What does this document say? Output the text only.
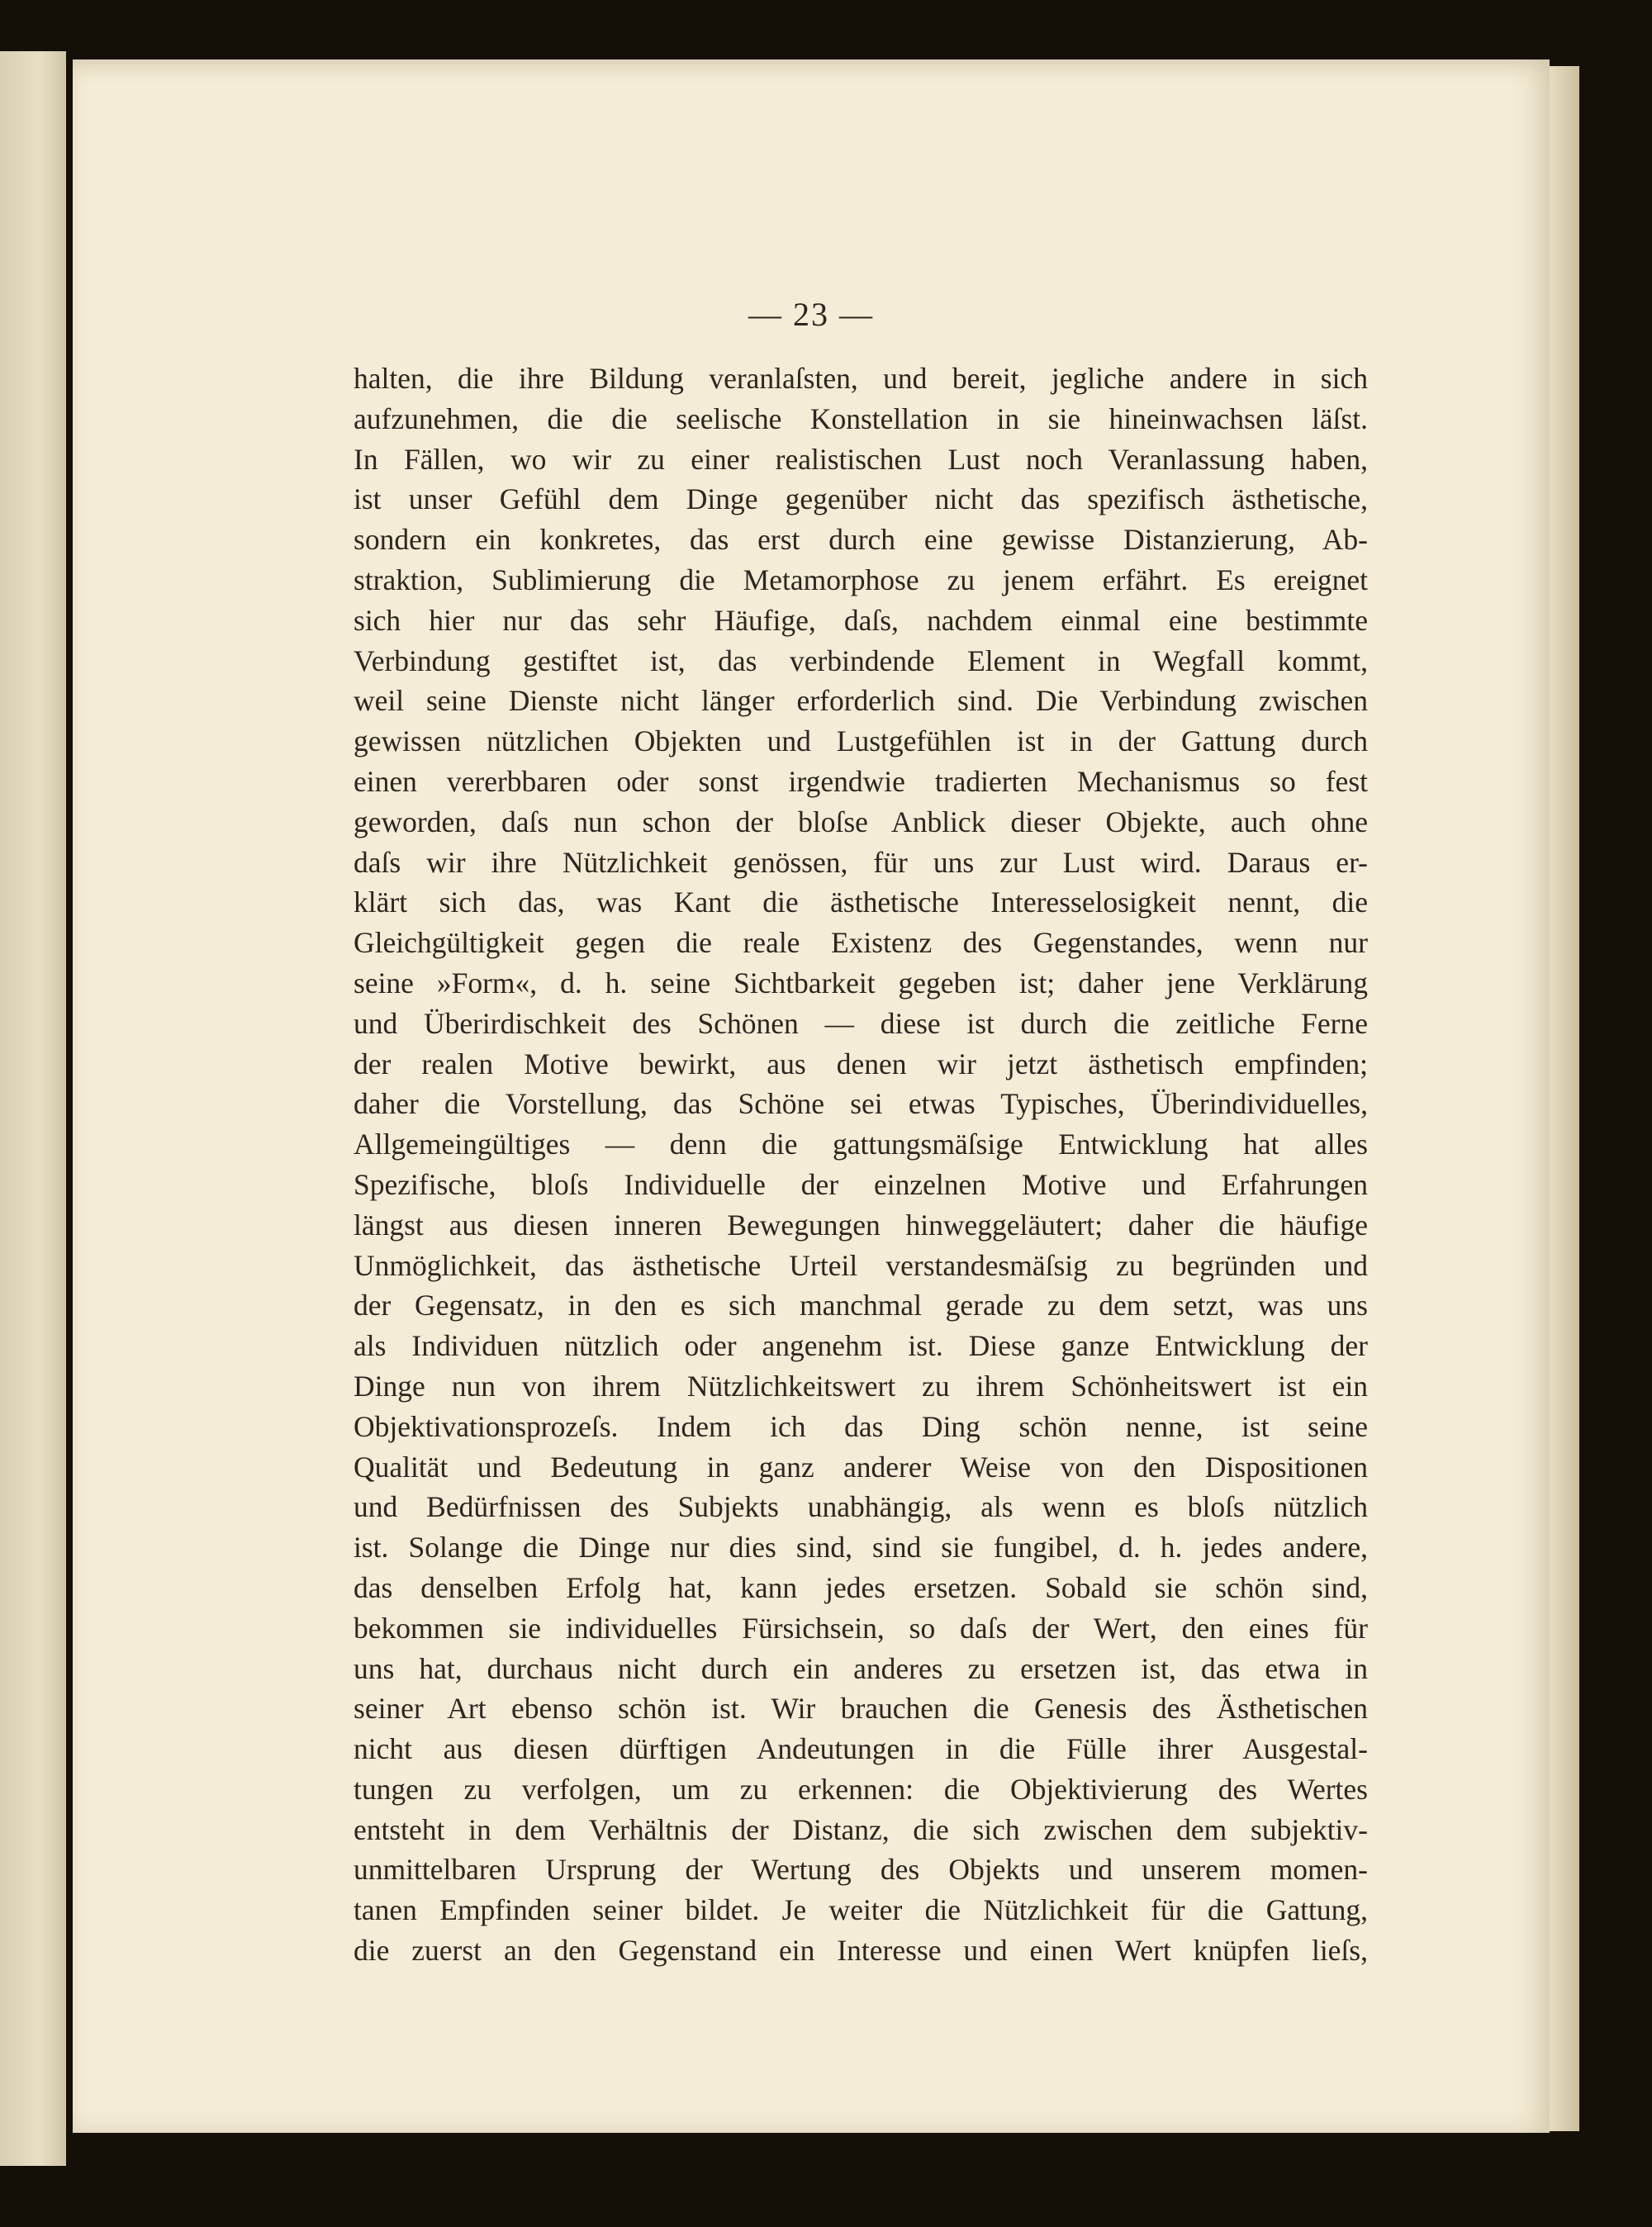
— 23 —
halten, die ihre Bildung veranlaſsten, und bereit, jegliche andere in sich
aufzunehmen, die die seelische Konstellation in sie hineinwachsen läſst.
In Fällen, wo wir zu einer realistischen Lust noch Veranlassung haben,
ist unser Gefühl dem Dinge gegenüber nicht das spezifisch ästhetische,
sondern ein konkretes, das erst durch eine gewisse Distanzierung, Ab-
straktion, Sublimierung die Metamorphose zu jenem erfährt. Es ereignet
sich hier nur das sehr Häufige, daſs, nachdem einmal eine bestimmte
Verbindung gestiftet ist, das verbindende Element in Wegfall kommt,
weil seine Dienste nicht länger erforderlich sind. Die Verbindung zwischen
gewissen nützlichen Objekten und Lustgefühlen ist in der Gattung durch
einen vererbbaren oder sonst irgendwie tradierten Mechanismus so fest
geworden, daſs nun schon der bloſse Anblick dieser Objekte, auch ohne
daſs wir ihre Nützlichkeit genössen, für uns zur Lust wird. Daraus er-
klärt sich das, was Kant die ästhetische Interesselosigkeit nennt, die
Gleichgültigkeit gegen die reale Existenz des Gegenstandes, wenn nur
seine »Form«, d. h. seine Sichtbarkeit gegeben ist; daher jene Verklärung
und Überirdischkeit des Schönen — diese ist durch die zeitliche Ferne
der realen Motive bewirkt, aus denen wir jetzt ästhetisch empfinden;
daher die Vorstellung, das Schöne sei etwas Typisches, Überindividuelles,
Allgemeingültiges — denn die gattungsmäſsige Entwicklung hat alles
Spezifische, bloſs Individuelle der einzelnen Motive und Erfahrungen
längst aus diesen inneren Bewegungen hinweggeläutert; daher die häufige
Unmöglichkeit, das ästhetische Urteil verstandesmäſsig zu begründen und
der Gegensatz, in den es sich manchmal gerade zu dem setzt, was uns
als Individuen nützlich oder angenehm ist. Diese ganze Entwicklung der
Dinge nun von ihrem Nützlichkeitswert zu ihrem Schönheitswert ist ein
Objektivationsprozeſs. Indem ich das Ding schön nenne, ist seine
Qualität und Bedeutung in ganz anderer Weise von den Dispositionen
und Bedürfnissen des Subjekts unabhängig, als wenn es bloſs nützlich
ist. Solange die Dinge nur dies sind, sind sie fungibel, d. h. jedes andere,
das denselben Erfolg hat, kann jedes ersetzen. Sobald sie schön sind,
bekommen sie individuelles Fürsichsein, so daſs der Wert, den eines für
uns hat, durchaus nicht durch ein anderes zu ersetzen ist, das etwa in
seiner Art ebenso schön ist. Wir brauchen die Genesis des Ästhetischen
nicht aus diesen dürftigen Andeutungen in die Fülle ihrer Ausgestal-
tungen zu verfolgen, um zu erkennen: die Objektivierung des Wertes
entsteht in dem Verhältnis der Distanz, die sich zwischen dem subjektiv-
unmittelbaren Ursprung der Wertung des Objekts und unserem momen-
tanen Empfinden seiner bildet. Je weiter die Nützlichkeit für die Gattung,
die zuerst an den Gegenstand ein Interesse und einen Wert knüpfen lieſs,
